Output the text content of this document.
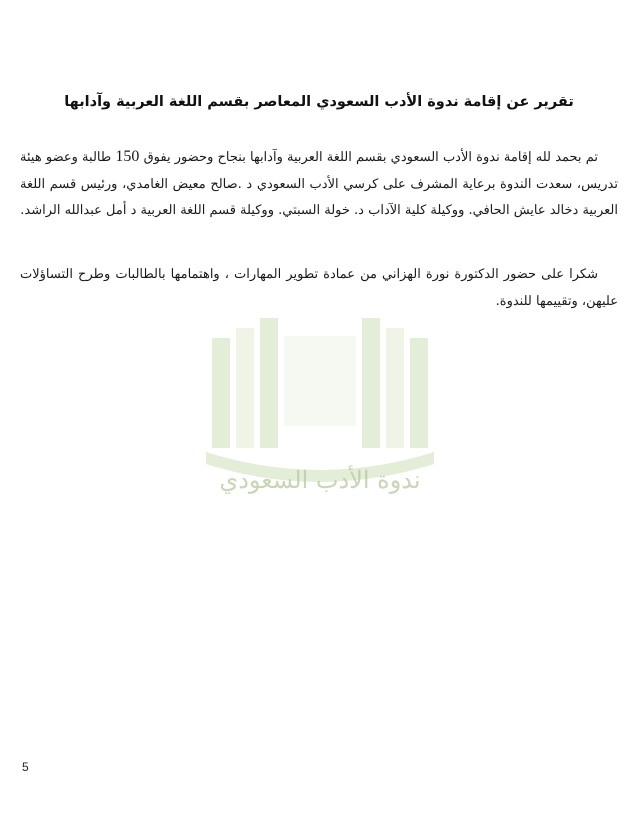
ندوة الأدب السعودي
تقرير عن إقامة ندوة الأدب السعودي المعاصر بقسم اللغة العربية وآدابها
تم بحمد لله إقامة ندوة الأدب السعودي بقسم اللغة العربية وآدابها بنجاح وحضور يفوق 150 طالبة وعضو هيئة تدريس، سعدت الندوة برعاية المشرف على كرسي الأدب السعودي د .صالح معيض الغامدي، ورئيس قسم اللغة العربية دخالد عايش الحافي. ووكيلة كلية الآداب د. خولة السبتي. ووكيلة قسم اللغة العربية د أمل عبدالله الراشد.
شكرا على حضور الدكتورة نورة الهزاني من عمادة تطوير المهارات ، واهتمامها بالطالبات وطرح التساؤلات عليهن، وتقييمها للندوة.
5
